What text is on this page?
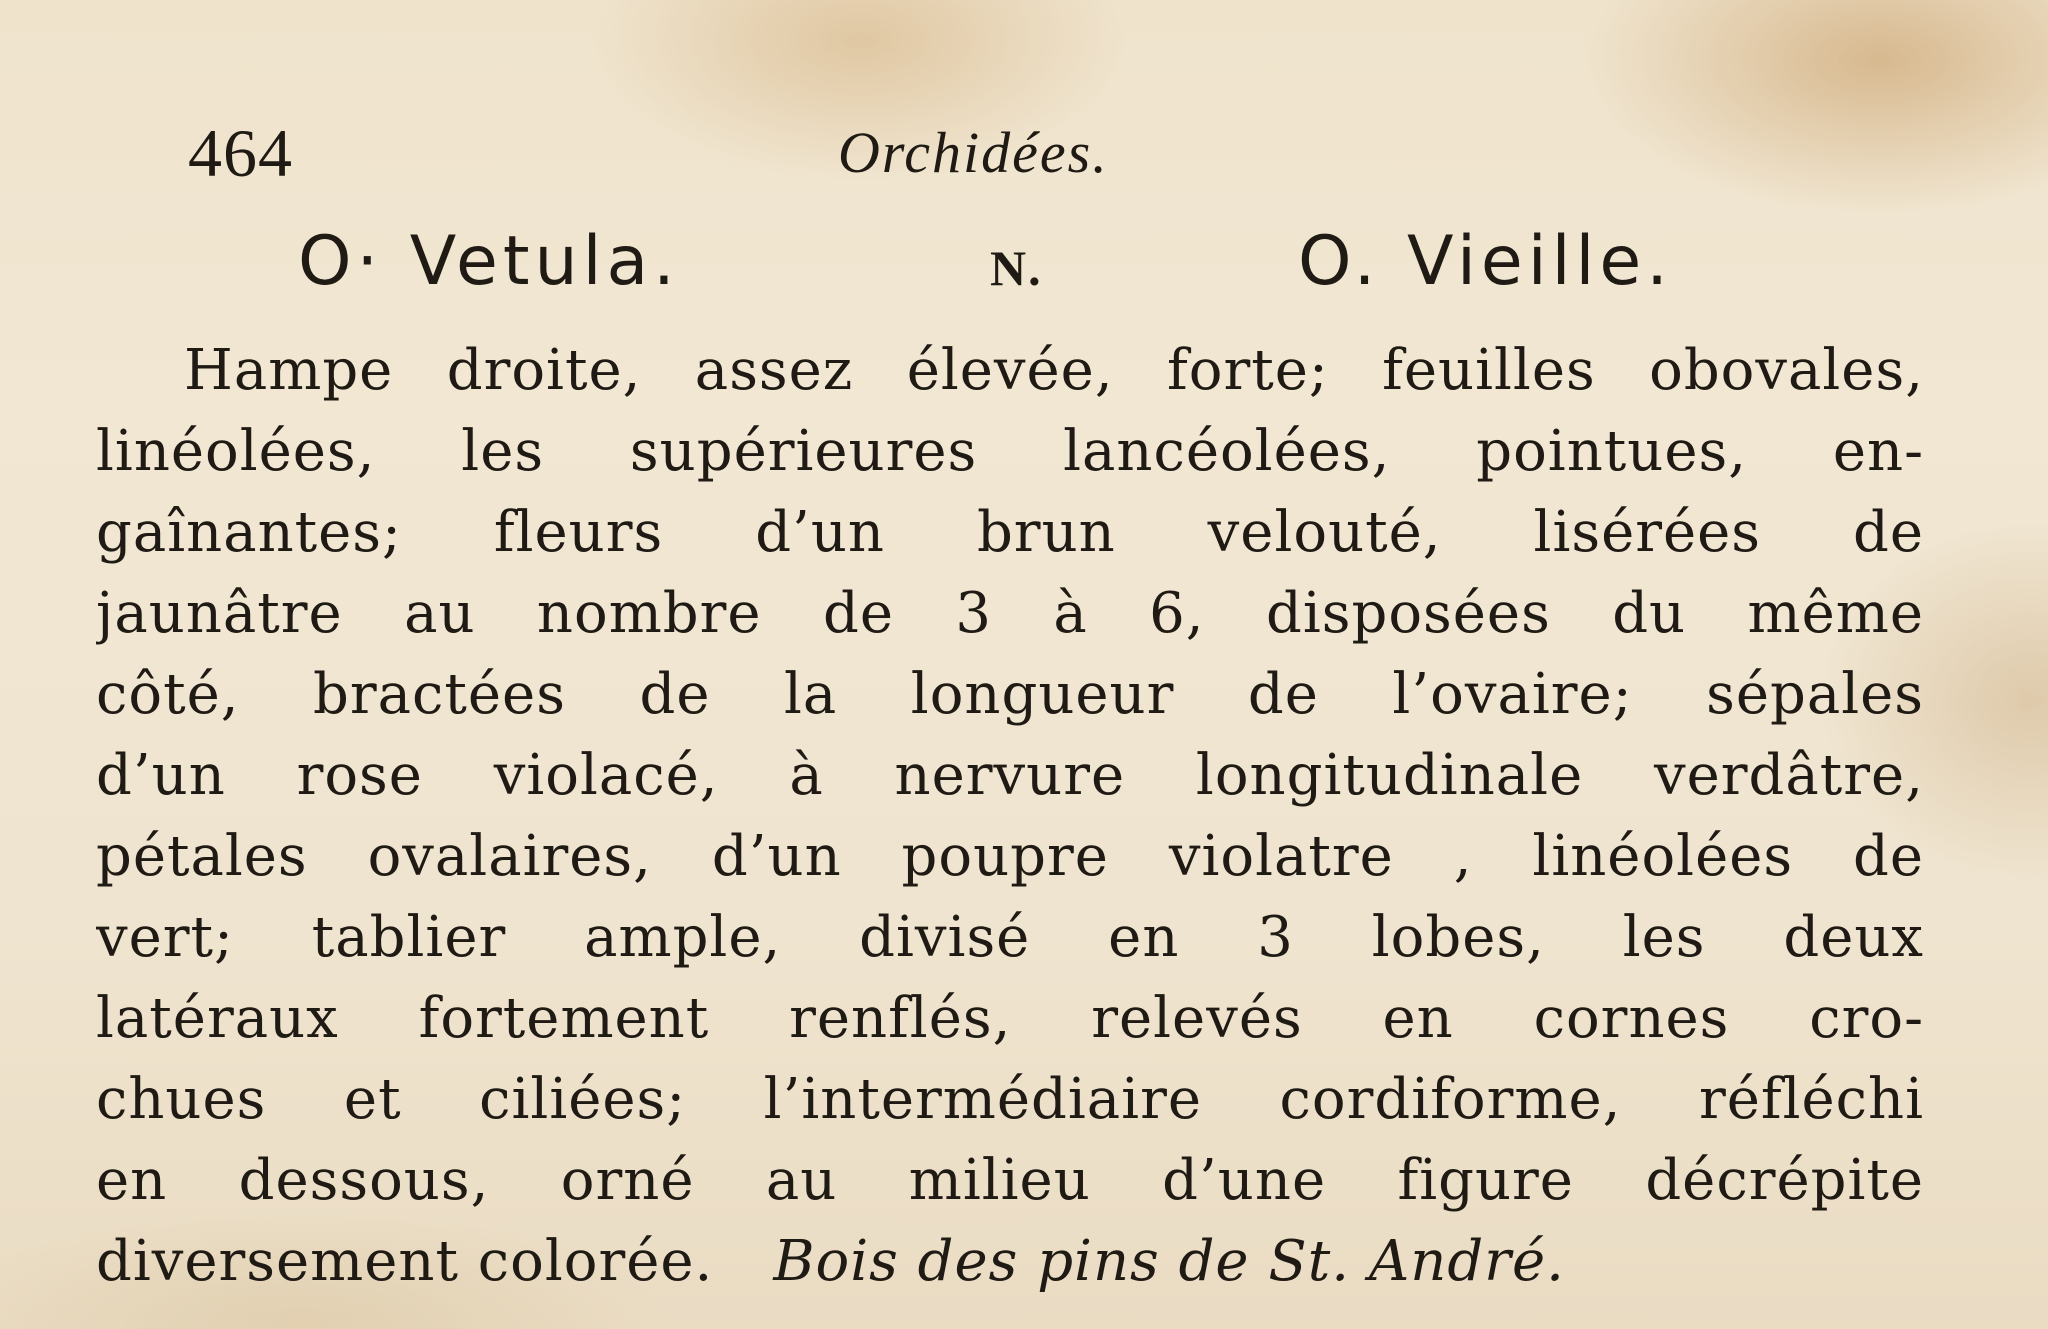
464	Orchidées.
O· Vetula.	N.	O. Vieille.
Hampe droite, assez élevée, forte; feuilles obovales,
linéolées, les supérieures lancéolées, pointues, en-
gaînantes; fleurs d’un brun velouté, lisérées de
jaunâtre au nombre de 3 à 6, disposées du même
côté, bractées de la longueur de l’ovaire; sépales
d’un rose violacé, à nervure longitudinale verdâtre,
pétales ovalaires, d’un poupre violatre , linéolées de
vert; tablier ample, divisé en 3 lobes, les deux
latéraux fortement renflés, relevés en cornes cro-
chues et ciliées; l’intermédiaire cordiforme, réfléchi
en dessous, orné au milieu d’une figure décrépite
diversement colorée. Bois des pins de St. André.
